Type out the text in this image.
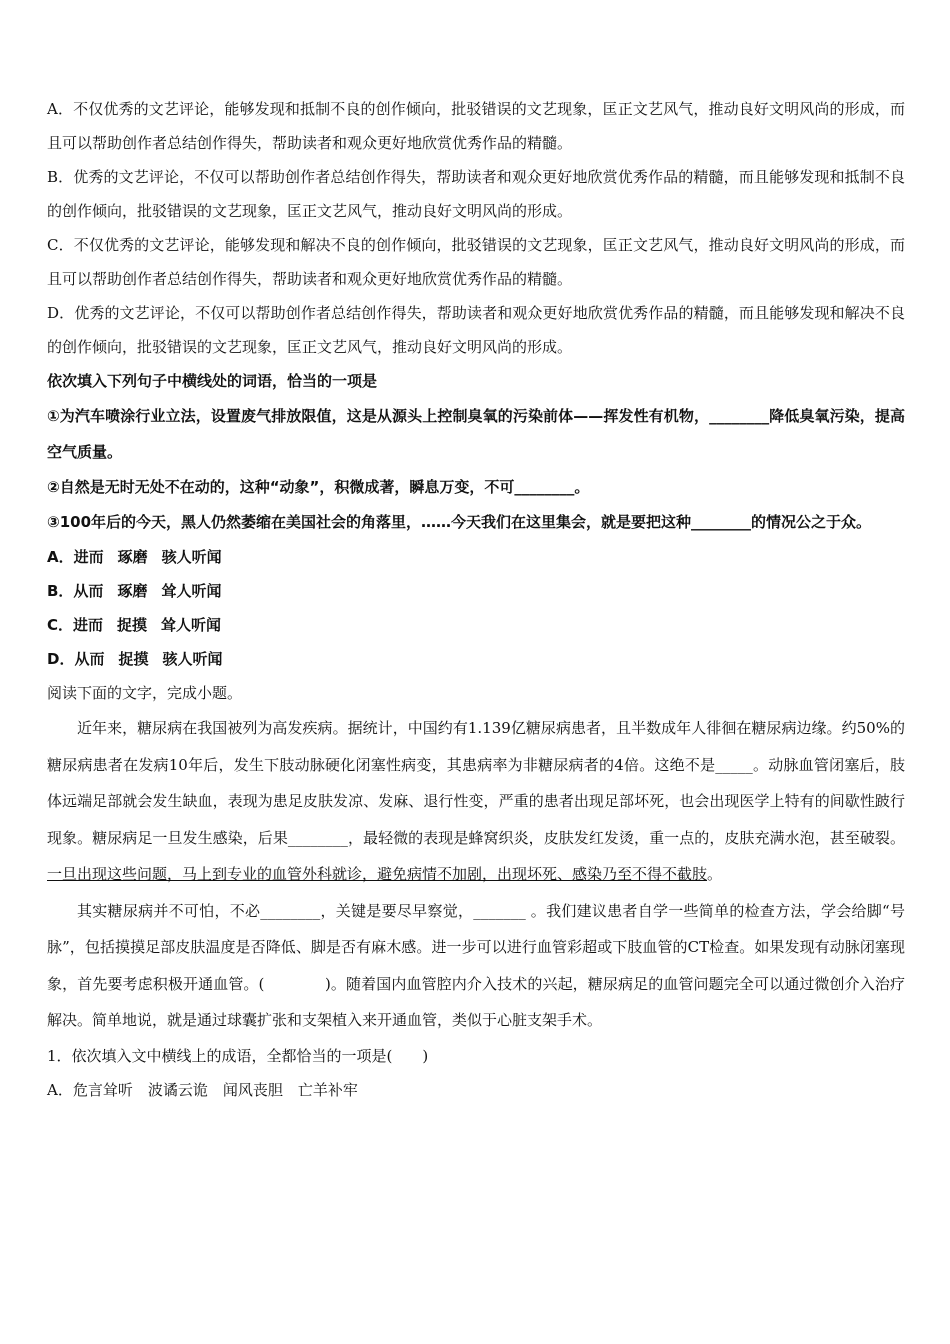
A．不仅优秀的文艺评论，能够发现和抵制不良的创作倾向，批驳错误的文艺现象，匡正文艺风气，推动良好文明风尚的形成，而且可以帮助创作者总结创作得失，帮助读者和观众更好地欣赏优秀作品的精髓。

B．优秀的文艺评论，不仅可以帮助创作者总结创作得失，帮助读者和观众更好地欣赏优秀作品的精髓，而且能够发现和抵制不良的创作倾向，批驳错误的文艺现象，匡正文艺风气，推动良好文明风尚的形成。

C．不仅优秀的文艺评论，能够发现和解决不良的创作倾向，批驳错误的文艺现象，匡正文艺风气，推动良好文明风尚的形成，而且可以帮助创作者总结创作得失，帮助读者和观众更好地欣赏优秀作品的精髓。

D．优秀的文艺评论，不仅可以帮助创作者总结创作得失，帮助读者和观众更好地欣赏优秀作品的精髓，而且能够发现和解决不良的创作倾向，批驳错误的文艺现象，匡正文艺风气，推动良好文明风尚的形成。

依次填入下列句子中横线处的词语，恰当的一项是

①为汽车喷涂行业立法，设置废气排放限值，这是从源头上控制臭氧的污染前体——挥发性有机物，________降低臭氧污染，提高空气质量。

②自然是无时无处不在动的，这种“动象”，积微成著，瞬息万变，不可________。

③100年后的今天，黑人仍然萎缩在美国社会的角落里，……今天我们在这里集会，就是要把这种________的情况公之于众。

A．进而 琢磨 骇人听闻

B．从而 琢磨 耸人听闻

C．进而 捉摸 耸人听闻

D．从而 捉摸 骇人听闻

阅读下面的文字，完成小题。

近年来，糖尿病在我国被列为高发疾病。据统计，中国约有1.139亿糖尿病患者，且半数成年人徘徊在糖尿病边缘。约50%的糖尿病患者在发病10年后，发生下肢动脉硬化闭塞性病变，其患病率为非糖尿病者的4倍。这绝不是_____。动脉血管闭塞后，肢体远端足部就会发生缺血，表现为患足皮肤发凉、发麻、退行性变，严重的患者出现足部坏死，也会出现医学上特有的间歇性跛行现象。糖尿病足一旦发生感染，后果________，最轻微的表现是蜂窝织炎，皮肤发红发烫，重一点的，皮肤充满水泡，甚至破裂。一旦出现这些问题，马上到专业的血管外科就诊，避免病情不加剧，出现坏死、感染乃至不得不截肢。

其实糖尿病并不可怕，不必________，关键是要尽早察觉，_______ 。我们建议患者自学一些简单的检查方法，学会给脚“号脉”，包括摸摸足部皮肤温度是否降低、脚是否有麻木感。进一步可以进行血管彩超或下肢血管的CT检查。如果发现有动脉闭塞现象，首先要考虑积极开通血管。(　　　　)。随着国内血管腔内介入技术的兴起，糖尿病足的血管问题完全可以通过微创介入治疗解决。简单地说，就是通过球囊扩张和支架植入来开通血管，类似于心脏支架手术。

1．依次填入文中横线上的成语，全都恰当的一项是(　　)

A．危言耸听　波谲云诡　闻风丧胆　亡羊补牢
